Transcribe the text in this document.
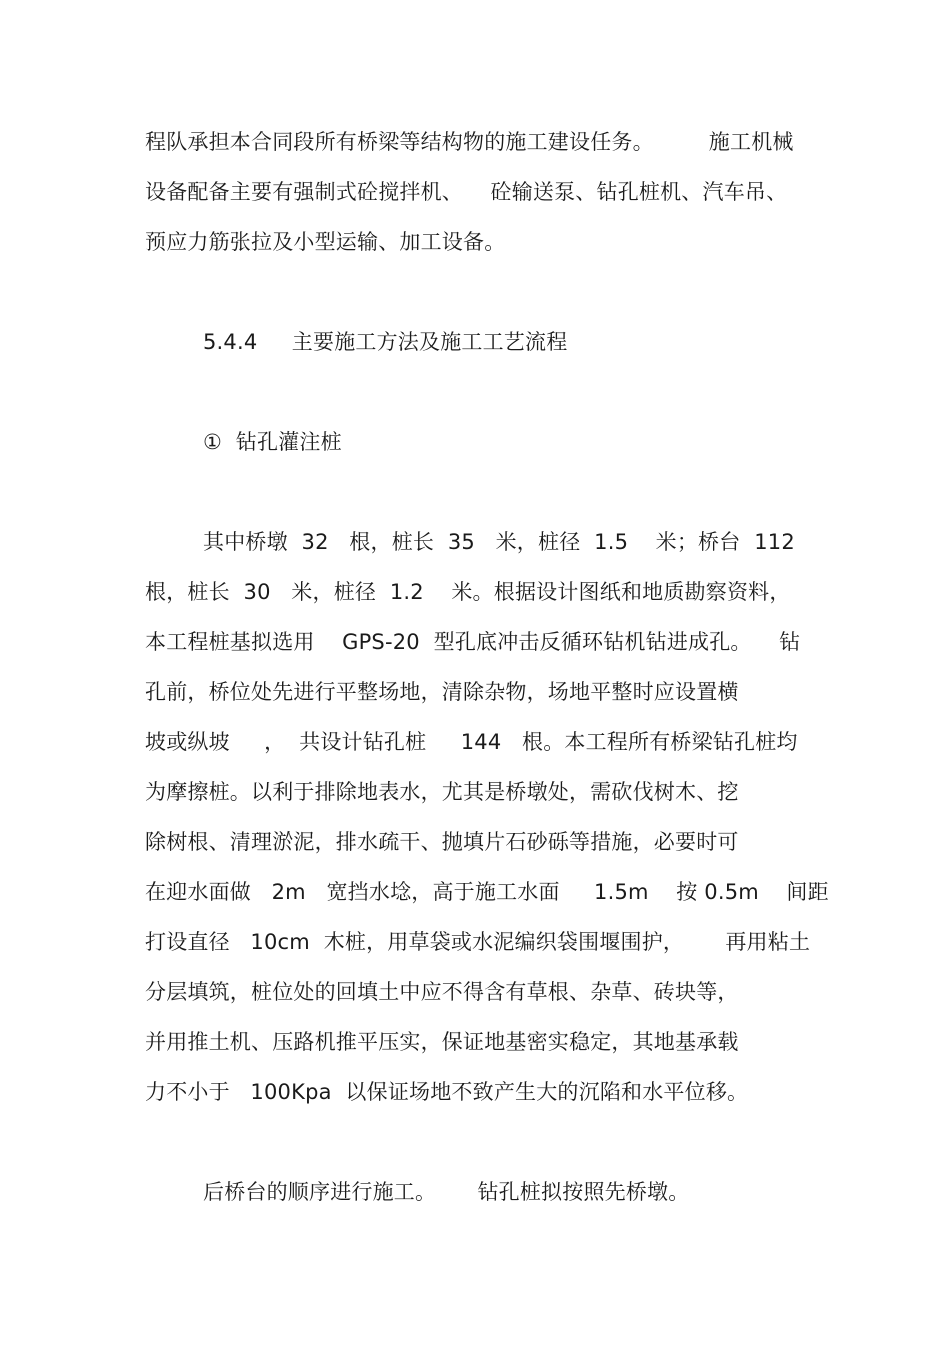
程队承担本合同段所有桥梁等结构物的施工建设任务。        施工机械
设备配备主要有强制式砼搅拌机、    砼输送泵、钻孔桩机、汽车吊、
预应力筋张拉及小型运输、加工设备。
5.4.4     主要施工方法及施工工艺流程
①  钻孔灌注桩
其中桥墩  32   根，桩长  35   米，桩径  1.5    米；桥台  112
根，桩长  30   米，桩径  1.2    米。根据设计图纸和地质勘察资料，
本工程桩基拟选用    GPS-20  型孔底冲击反循环钻机钻进成孔。    钻
孔前，桥位处先进行平整场地，清除杂物，场地平整时应设置横
坡或纵坡     ，  共设计钻孔桩     144   根。本工程所有桥梁钻孔桩均
为摩擦桩。以利于排除地表水，尤其是桥墩处，需砍伐树木、挖
除树根、清理淤泥，排水疏干、抛填片石砂砾等措施，必要时可
在迎水面做   2m   宽挡水埝，高于施工水面     1.5m    按 0.5m    间距
打设直径   10cm  木桩，用草袋或水泥编织袋围堰围护，      再用粘土
分层填筑，桩位处的回填土中应不得含有草根、杂草、砖块等，
并用推土机、压路机推平压实，保证地基密实稳定，其地基承载
力不小于   100Kpa  以保证场地不致产生大的沉陷和水平位移。
后桥台的顺序进行施工。      钻孔桩拟按照先桥墩。
